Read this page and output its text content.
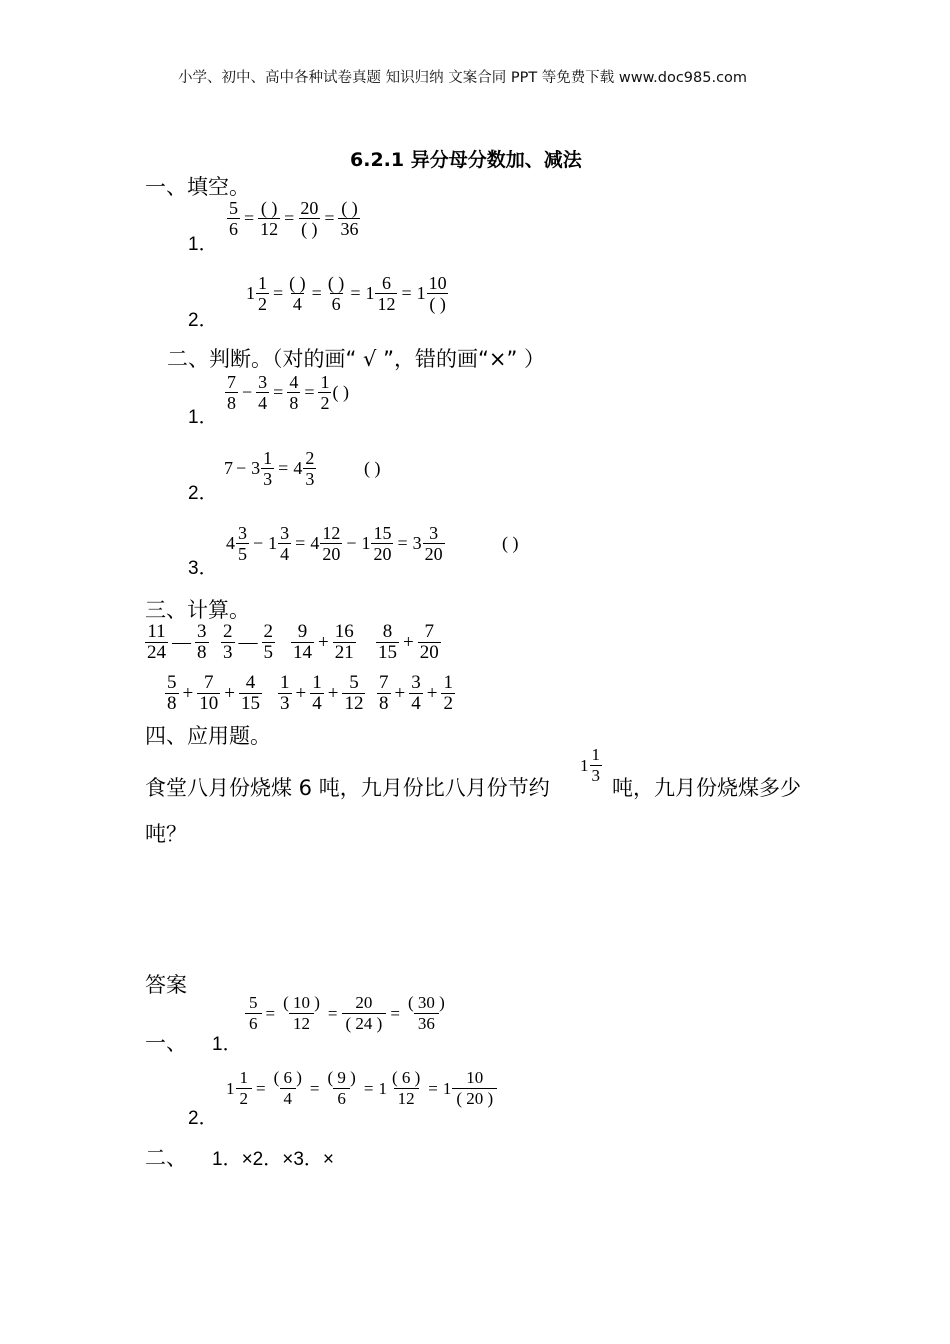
小学、初中、高中各种试卷真题 知识归纳 文案合同 PPT 等免费下载 www.doc985.com
6.2.1 异分母分数加、减法
一、填空。
1．
$\frac{5}{6} = \frac{( )}{12} = \frac{20}{( )} = \frac{( )}{36}$
2．
$1 \frac{1}{2} = \frac{( )}{4} = \frac{( )}{6} = 1 \frac{6}{12} = 1 \frac{10}{( )}$
二、判断。（对的画“ √ ”，错的画“×” ）
1．
$\frac{7}{8} - \frac{3}{4} = \frac{4}{8} = \frac{1}{2}$ ( )
2．
$7 - 3 \frac{1}{3} = 4 \frac{2}{3}$	( )
3．
$4 \frac{3}{5} - 1 \frac{3}{4} = 4 \frac{12}{20} - 1 \frac{15}{20} = 3 \frac{3}{20}$	( )
三、计算。
$\frac{11}{24}$ — $\frac{3}{8} \frac{2}{3}$ — $\frac{2}{5} \frac{9}{14} + \frac{16}{21} \frac{8}{15} + \frac{7}{20}$
$\frac{5}{8} + \frac{7}{10} + \frac{4}{15} \frac{1}{3} + \frac{1}{4} + \frac{5}{12} \frac{7}{8} + \frac{3}{4} + \frac{1}{2}$
四、应用题。
食堂八月份烧煤 6 吨，九月份比八月份节约
$1 \frac{1}{3}$
吨，九月份烧煤多少
吨？
答案
一、 1．
$\frac{5}{6} = \frac{( 10 )}{12} = \frac{20}{( 24 )} = \frac{( 30 )}{36}$
2．
$1 \frac{1}{2} = \frac{( 6 )}{4} = \frac{( 9 )}{6} = 1 \frac{( 6 )}{12} = 1 \frac{10}{( 20 )}$
二、 1．×2．×3．×
